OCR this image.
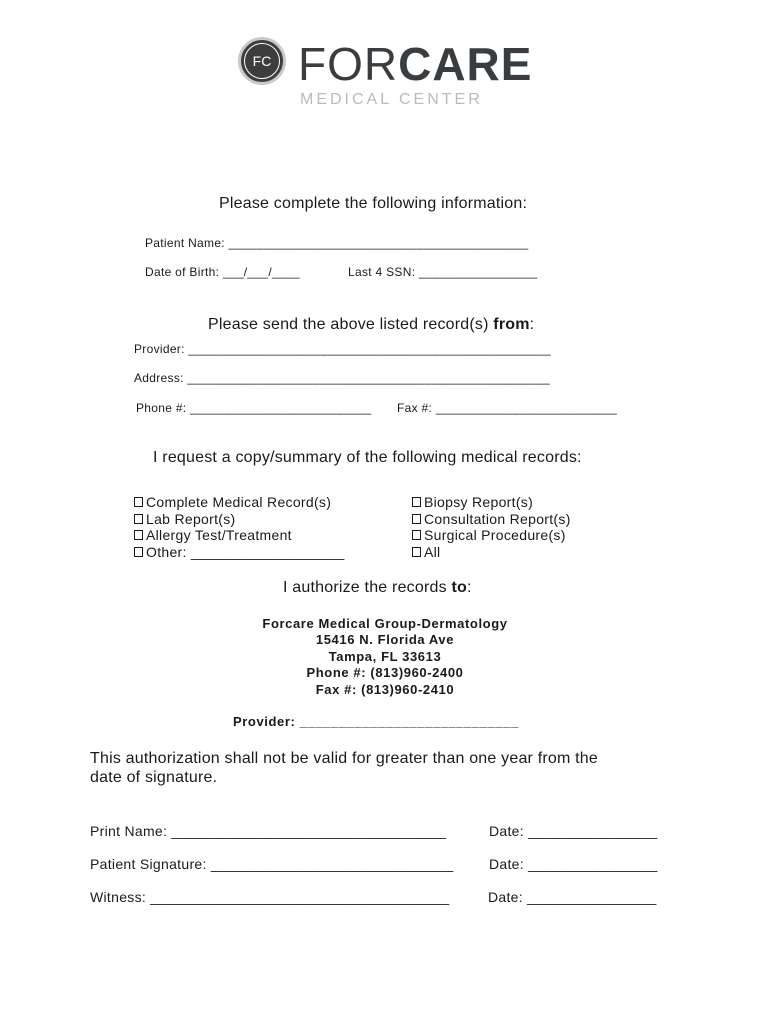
FC FORCARE
MEDICAL CENTER
Please complete the following information:
Patient Name: ___________________________________________
Date of Birth: ___/___/____	Last 4 SSN: _________________
Please send the above listed record(s) from:
Provider: ____________________________________________________
Address: ____________________________________________________
Phone #: __________________________ Fax #: __________________________
I request a copy/summary of the following medical records:
Complete Medical Record(s)
Lab Report(s)
Allergy Test/Treatment
Other: ___________________
Biopsy Report(s)
Consultation Report(s)
Surgical Procedure(s)
All
I authorize the records to:
Forcare Medical Group-Dermatology
15416 N. Florida Ave
Tampa, FL 33613
Phone #: (813)960-2400
Fax #: (813)960-2410
Provider: ____________________________
This authorization shall not be valid for greater than one year from the
date of signature.
Print Name: __________________________________	Date: ________________
Patient Signature: ______________________________	Date: ________________
Witness: _____________________________________	Date: ________________
